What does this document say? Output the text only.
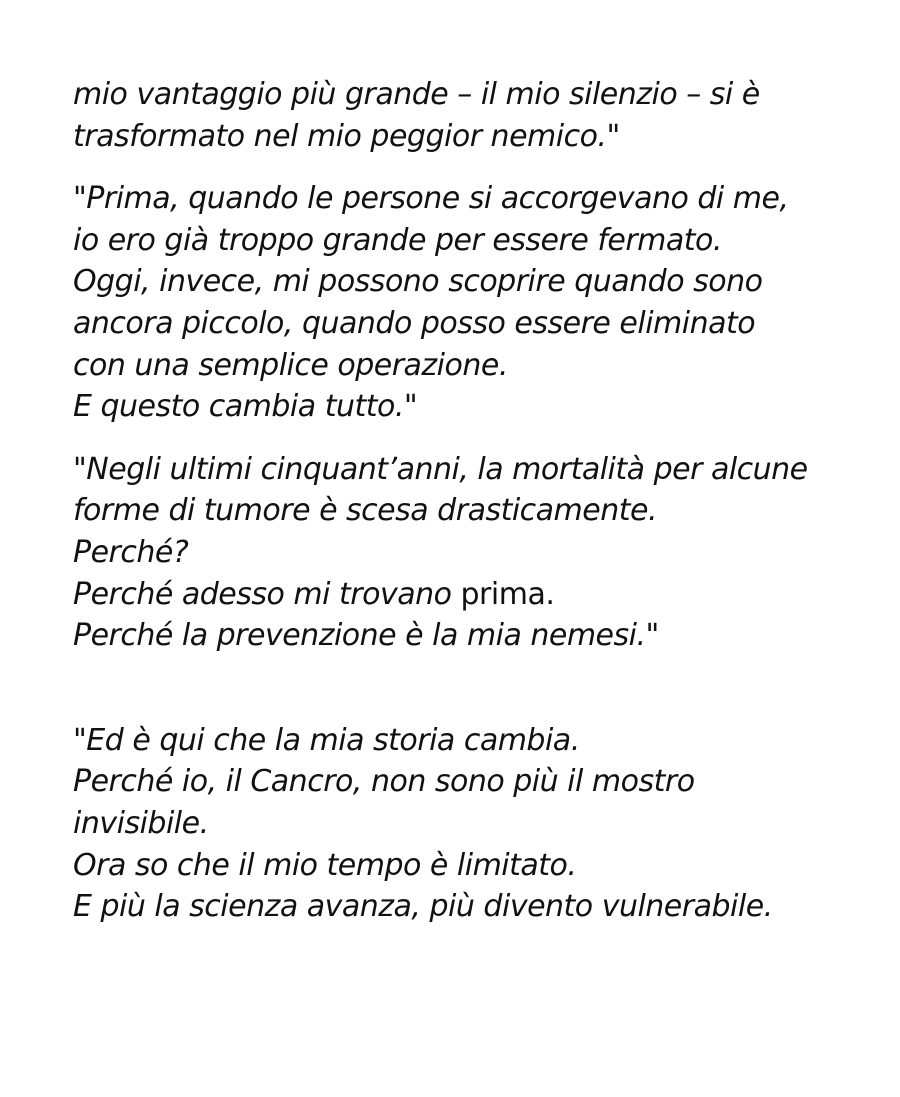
mio vantaggio più grande – il mio silenzio – si è
trasformato nel mio peggior nemico."

"Prima, quando le persone si accorgevano di me,
io ero già troppo grande per essere fermato.
Oggi, invece, mi possono scoprire quando sono
ancora piccolo, quando posso essere eliminato
con una semplice operazione.
E questo cambia tutto."

"Negli ultimi cinquant’anni, la mortalità per alcune
forme di tumore è scesa drasticamente.
Perché?
Perché adesso mi trovano prima.
Perché la prevenzione è la mia nemesi."

"Ed è qui che la mia storia cambia.
Perché io, il Cancro, non sono più il mostro
invisibile.
Ora so che il mio tempo è limitato.
E più la scienza avanza, più divento vulnerabile.
